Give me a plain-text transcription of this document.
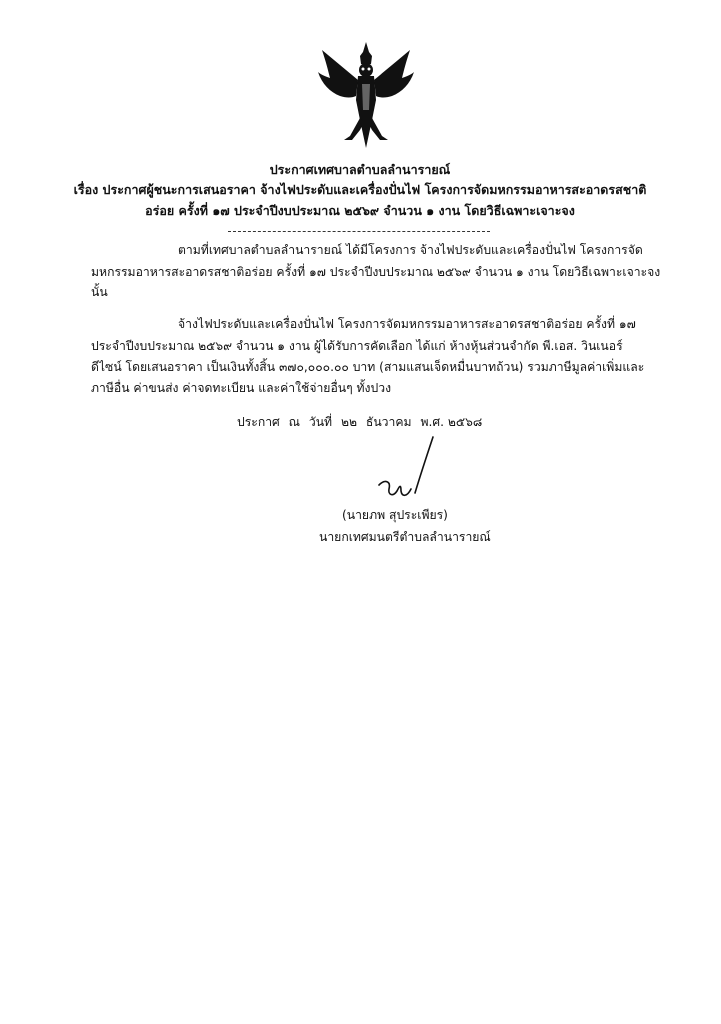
ประกาศเทศบาลตำบลลำนารายณ์
เรื่อง ประกาศผู้ชนะการเสนอราคา จ้างไฟประดับและเครื่องปั่นไฟ โครงการจัดมหกรรมอาหารสะอาดรสชาติ
อร่อย ครั้งที่ ๑๗ ประจำปีงบประมาณ ๒๕๖๙ จำนวน ๑ งาน โดยวิธีเฉพาะเจาะจง
ตามที่เทศบาลตำบลลำนารายณ์ ได้มีโครงการ จ้างไฟประดับและเครื่องปั่นไฟ โครงการจัด
มหกรรมอาหารสะอาดรสชาติอร่อย ครั้งที่ ๑๗ ประจำปีงบประมาณ ๒๕๖๙ จำนวน ๑ งาน โดยวิธีเฉพาะเจาะจง
นั้น
จ้างไฟประดับและเครื่องปั่นไฟ โครงการจัดมหกรรมอาหารสะอาดรสชาติอร่อย ครั้งที่ ๑๗
ประจำปีงบประมาณ ๒๕๖๙ จำนวน ๑ งาน ผู้ได้รับการคัดเลือก ได้แก่ ห้างหุ้นส่วนจำกัด พี.เอส. วินเนอร์
ดีไซน์ โดยเสนอราคา เป็นเงินทั้งสิ้น ๓๗๐,๐๐๐.๐๐ บาท (สามแสนเจ็ดหมื่นบาทถ้วน) รวมภาษีมูลค่าเพิ่มและ
ภาษีอื่น ค่าขนส่ง ค่าจดทะเบียน และค่าใช้จ่ายอื่นๆ ทั้งปวง
ประกาศ ณ วันที่ ๒๒ ธันวาคม พ.ศ. ๒๕๖๘
(นายภพ สุประเพียร)
นายกเทศมนตรีตำบลลำนารายณ์
